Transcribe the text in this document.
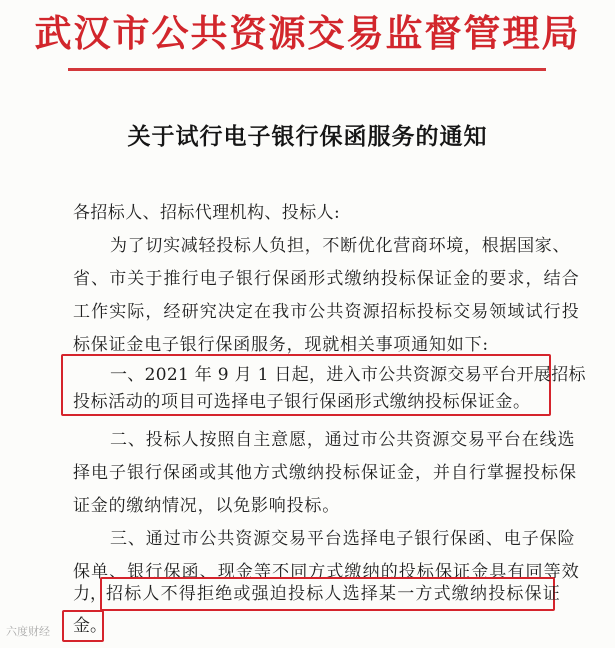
武汉市公共资源交易监督管理局
关于试行电子银行保函服务的通知
各招标人、招标代理机构、投标人:
为了切实减轻投标人负担，不断优化营商环境，根据国家、
省、市关于推行电子银行保函形式缴纳投标保证金的要求，结合
工作实际，经研究决定在我市公共资源招标投标交易领域试行投
标保证金电子银行保函服务，现就相关事项通知如下:
一、2021 年 9 月 1 日起，进入市公共资源交易平台开展招标
投标活动的项目可选择电子银行保函形式缴纳投标保证金。
二、投标人按照自主意愿，通过市公共资源交易平台在线选
择电子银行保函或其他方式缴纳投标保证金，并自行掌握投标保
证金的缴纳情况，以免影响投标。
三、通过市公共资源交易平台选择电子银行保函、电子保险
保单、银行保函、现金等不同方式缴纳的投标保证金具有同等效
力， 招标人不得拒绝或强迫投标人选择某一方式缴纳投标保证
金。
六度财经
